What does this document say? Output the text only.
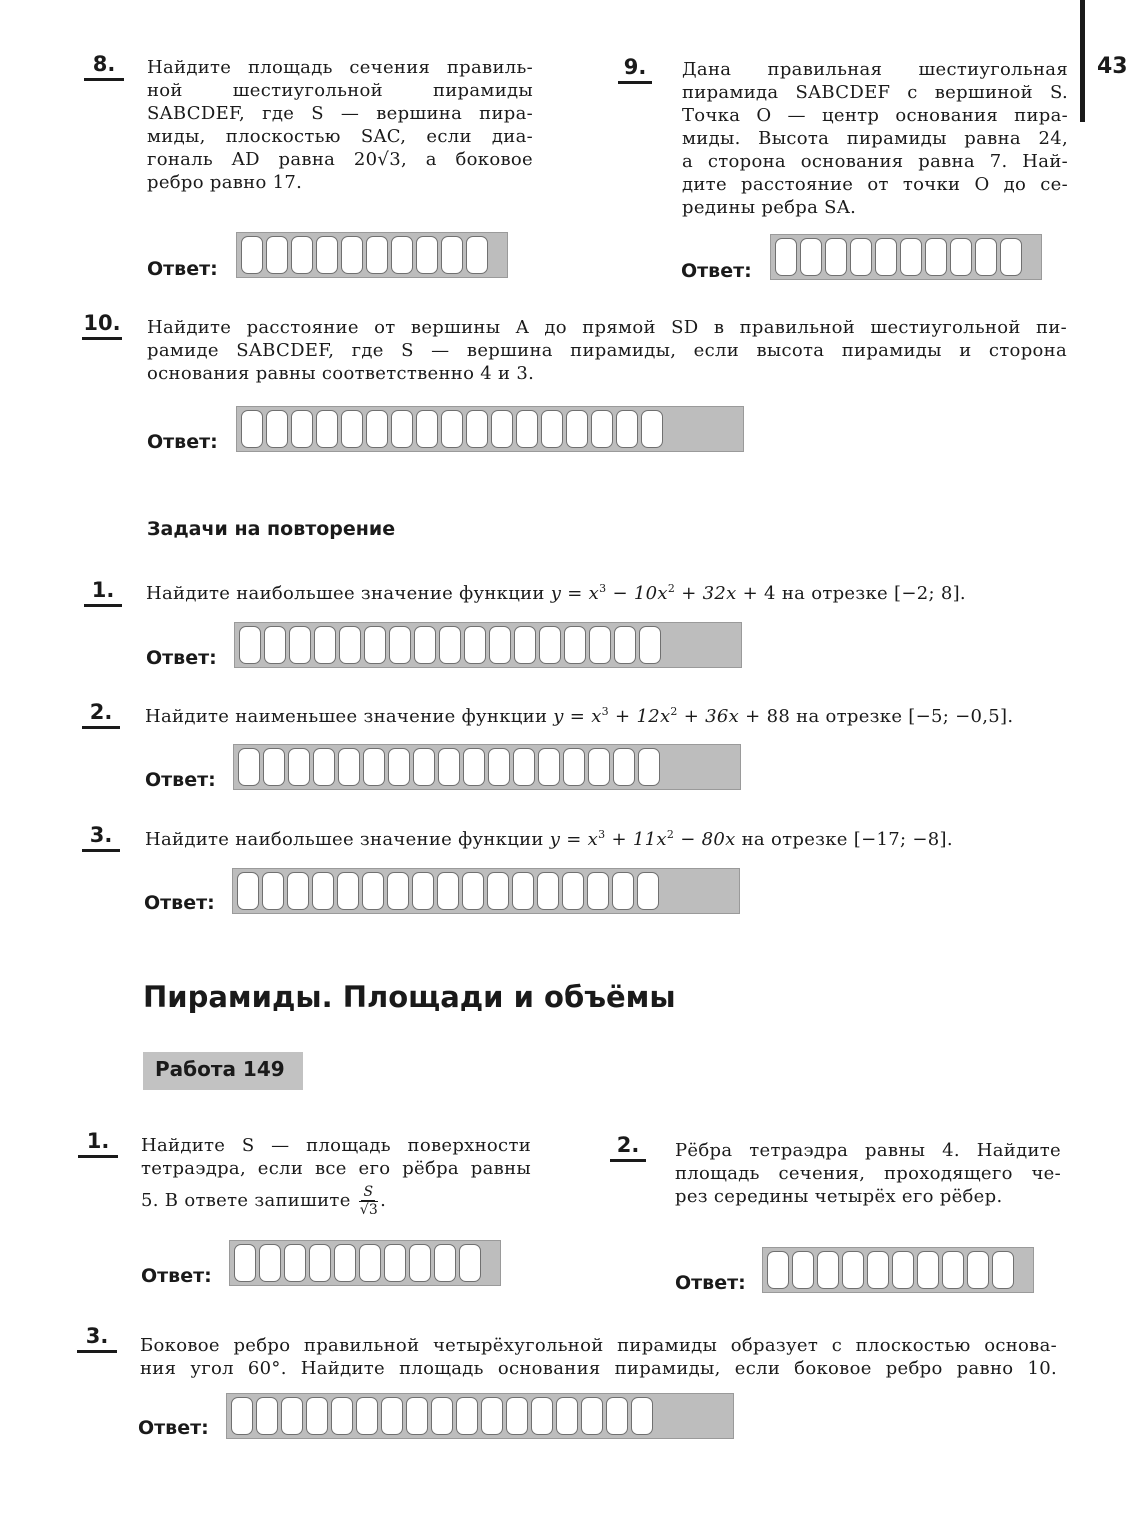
43
8.	Найдите площадь сечения правиль-
ной шестиугольной пирамиды
SABCDEF, где S — вершина пира-
миды, плоскостью SAC, если диа-
гональ AD равна 20√3, а боковое
ребро равно 17.
Ответ:
9.	Дана правильная шестиугольная
пирамида SABCDEF с вершиной S.
Точка O — центр основания пира-
миды. Высота пирамиды равна 24,
а сторона основания равна 7. Най-
дите расстояние от точки O до се-
редины ребра SA.
Ответ:
10. Найдите расстояние от вершины A до прямой SD в правильной шестиугольной пи-
рамиде SABCDEF, где S — вершина пирамиды, если высота пирамиды и сторона
основания равны соответственно 4 и 3.
Ответ:
Задачи на повторение
1.	Найдите наибольшее значение функции $y = x^3 - 10x^2 + 32x + 4$ на отрезке [−2; 8].
Ответ:
2.	Найдите наименьшее значение функции $y = x^3 + 12x^2 + 36x + 88$ на отрезке [−5; −0,5].
Ответ:
3.	Найдите наибольшее значение функции $y = x^3 + 11x^2 - 80x$ на отрезке [−17; −8].
Ответ:
Пирамиды. Площади и объёмы
Работа 149
1.	Найдите S — площадь поверхности
тетраэдра, если все его рёбра равны
5. В ответе запишите $\frac{S}{√3}$ .
Ответ:
2.	Рёбра тетраэдра равны 4. Найдите
площадь сечения, проходящего че-
рез середины четырёх его рёбер.
Ответ:
3.	Боковое ребро правильной четырёхугольной пирамиды образует с плоскостью основа-
ния угол 60°. Найдите площадь основания пирамиды, если боковое ребро равно 10.
Ответ:
